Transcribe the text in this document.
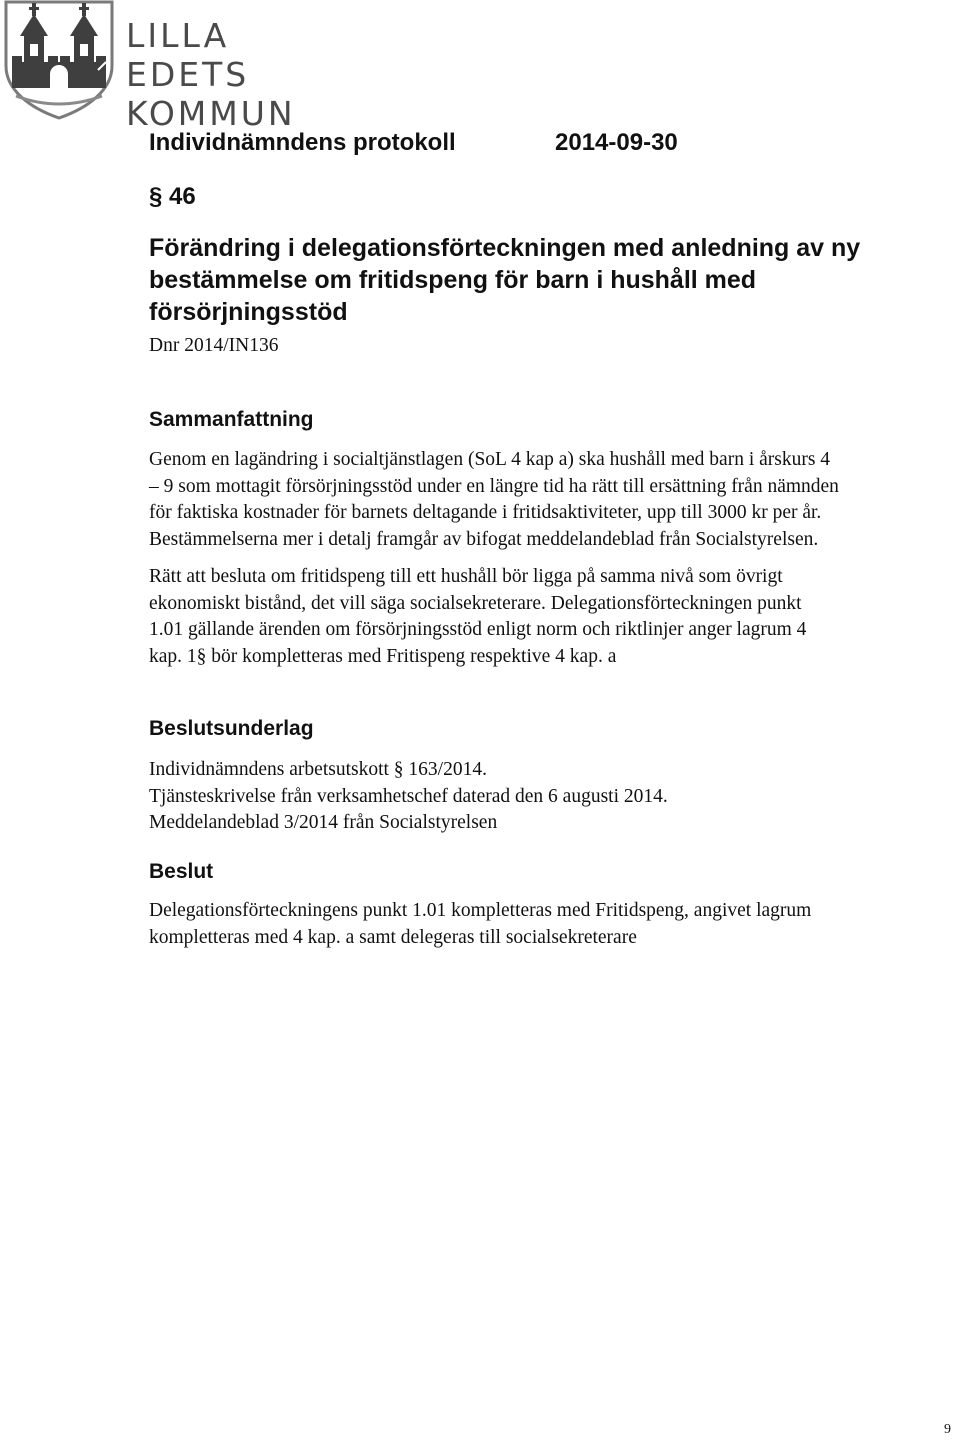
LILLA EDETS
KOMMUN
Individnämndens protokoll	2014-09-30
§ 46
Förändring i delegationsförteckningen med anledning av ny bestämmelse om fritidspeng för barn i hushåll med försörjningsstöd
Dnr 2014/IN136
Sammanfattning
Genom en lagändring i socialtjänstlagen (SoL 4 kap a) ska hushåll med barn i årskurs 4
– 9 som mottagit försörjningsstöd under en längre tid ha rätt till ersättning från nämnden
för faktiska kostnader för barnets deltagande i fritidsaktiviteter, upp till 3000 kr per år.
Bestämmelserna mer i detalj framgår av bifogat meddelandeblad från Socialstyrelsen.
Rätt att besluta om fritidspeng till ett hushåll bör ligga på samma nivå som övrigt
ekonomiskt bistånd, det vill säga socialsekreterare. Delegationsförteckningen punkt
1.01 gällande ärenden om försörjningsstöd enligt norm och riktlinjer anger lagrum 4
kap. 1§ bör kompletteras med Fritispeng respektive 4 kap. a
Beslutsunderlag
Individnämndens arbetsutskott § 163/2014.
Tjänsteskrivelse från verksamhetschef daterad den 6 augusti 2014.
Meddelandeblad 3/2014 från Socialstyrelsen
Beslut
Delegationsförteckningens punkt 1.01 kompletteras med Fritidspeng, angivet lagrum
kompletteras med 4 kap. a samt delegeras till socialsekreterare
9
